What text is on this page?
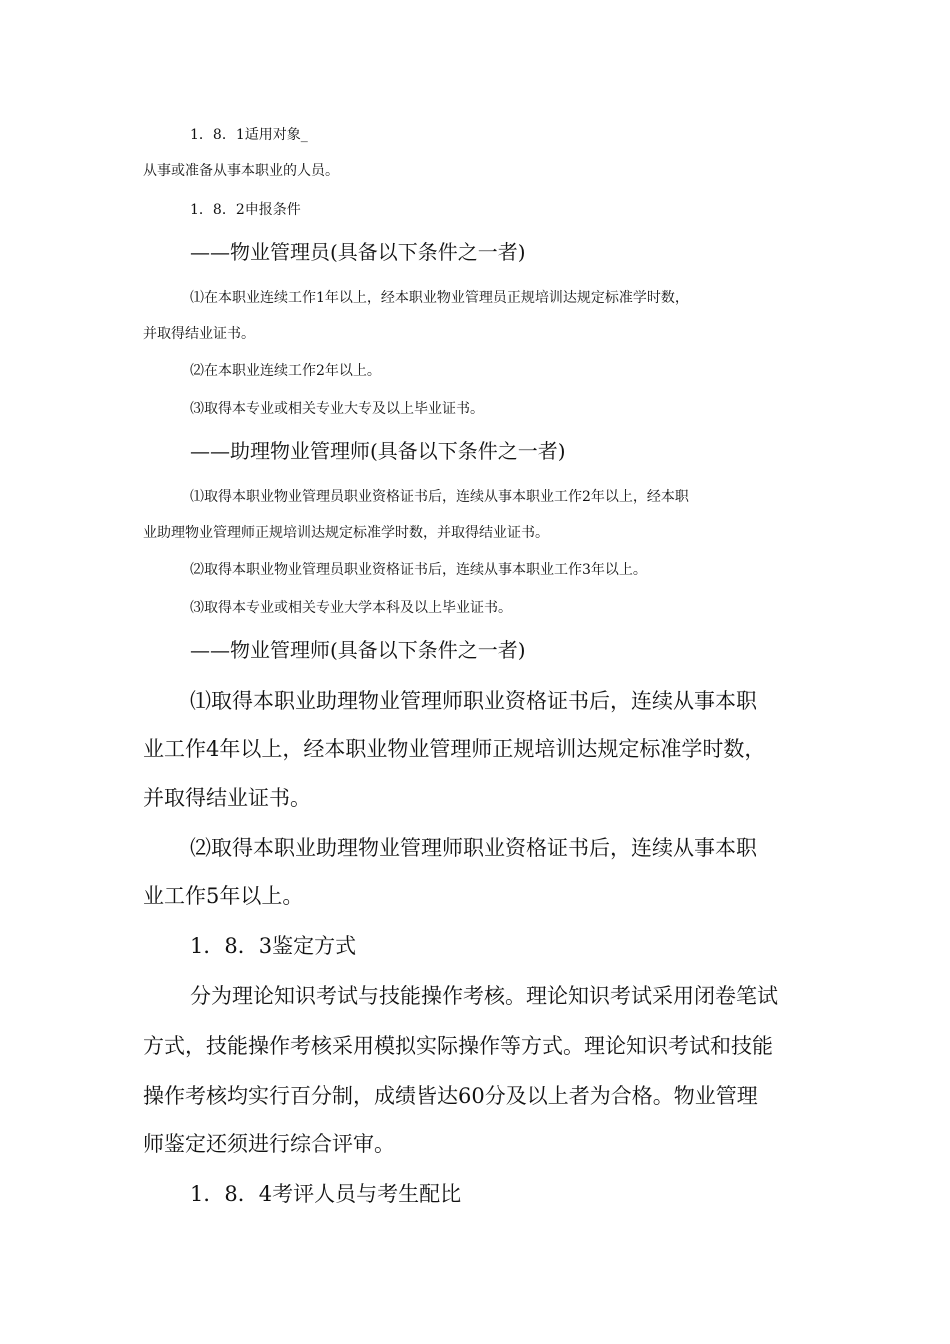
1．8．1适用对象_

从事或准备从事本职业的人员。

1．8．2申报条件

——物业管理员(具备以下条件之一者)

⑴在本职业连续工作1年以上，经本职业物业管理员正规培训达规定标准学时数，

并取得结业证书。

⑵在本职业连续工作2年以上。

⑶取得本专业或相关专业大专及以上毕业证书。

——助理物业管理师(具备以下条件之一者)

⑴取得本职业物业管理员职业资格证书后，连续从事本职业工作2年以上，经本职

业助理物业管理师正规培训达规定标准学时数，并取得结业证书。

⑵取得本职业物业管理员职业资格证书后，连续从事本职业工作3年以上。

⑶取得本专业或相关专业大学本科及以上毕业证书。

——物业管理师(具备以下条件之一者)

⑴取得本职业助理物业管理师职业资格证书后，连续从事本职

业工作4年以上，经本职业物业管理师正规培训达规定标准学时数，

并取得结业证书。

⑵取得本职业助理物业管理师职业资格证书后，连续从事本职

业工作5年以上。

1．8．3鉴定方式

分为理论知识考试与技能操作考核。理论知识考试采用闭卷笔试

方式，技能操作考核采用模拟实际操作等方式。理论知识考试和技能

操作考核均实行百分制，成绩皆达60分及以上者为合格。物业管理

师鉴定还须进行综合评审。

1．8．4考评人员与考生配比
